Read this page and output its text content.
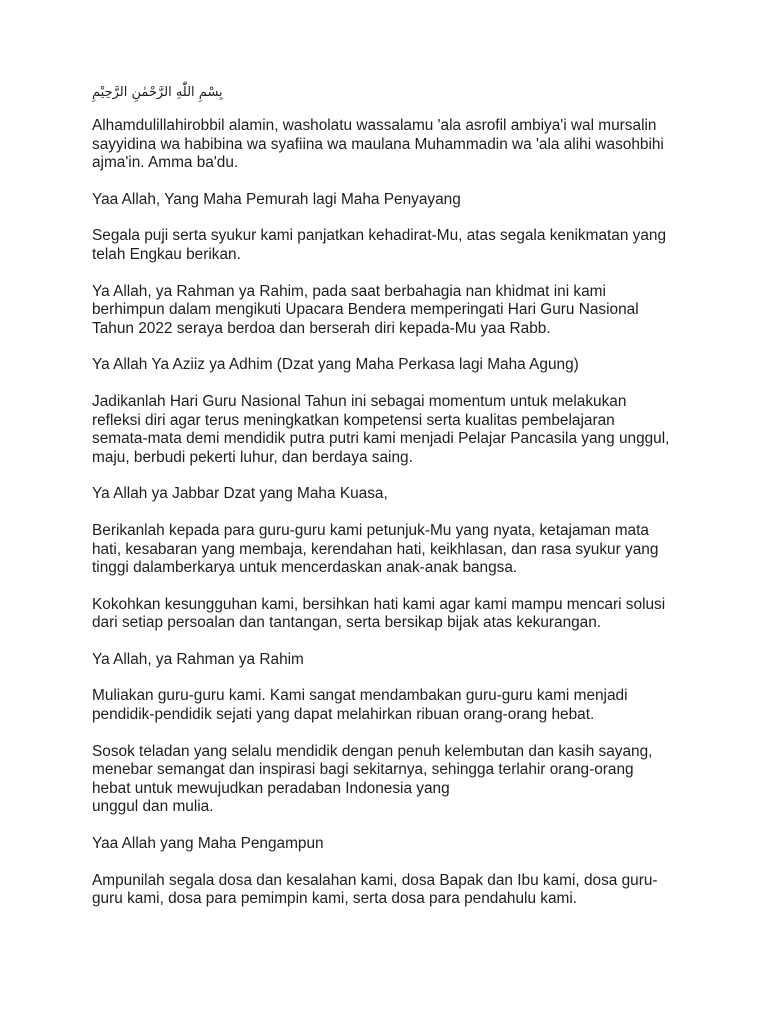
بِسْمِ اللّٰهِ الرَّحْمٰنِ الرَّحِيْمِ
Alhamdulillahirobbil alamin, washolatu wassalamu 'ala asrofil ambiya'i wal mursalin
sayyidina wa habibina wa syafiina wa maulana Muhammadin wa 'ala alihi wasohbihi
ajma'in. Amma ba'du.
Yaa Allah, Yang Maha Pemurah lagi Maha Penyayang
Segala puji serta syukur kami panjatkan kehadirat-Mu, atas segala kenikmatan yang
telah Engkau berikan.
Ya Allah, ya Rahman ya Rahim, pada saat berbahagia nan khidmat ini kami
berhimpun dalam mengikuti Upacara Bendera memperingati Hari Guru Nasional
Tahun 2022 seraya berdoa dan berserah diri kepada-Mu yaa Rabb.
Ya Allah Ya Aziiz ya Adhim (Dzat yang Maha Perkasa lagi Maha Agung)
Jadikanlah Hari Guru Nasional Tahun ini sebagai momentum untuk melakukan
refleksi diri agar terus meningkatkan kompetensi serta kualitas pembelajaran
semata-mata demi mendidik putra putri kami menjadi Pelajar Pancasila yang unggul,
maju, berbudi pekerti luhur, dan berdaya saing.
Ya Allah ya Jabbar Dzat yang Maha Kuasa,
Berikanlah kepada para guru-guru kami petunjuk-Mu yang nyata, ketajaman mata
hati, kesabaran yang membaja, kerendahan hati, keikhlasan, dan rasa syukur yang
tinggi dalamberkarya untuk mencerdaskan anak-anak bangsa.
Kokohkan kesungguhan kami, bersihkan hati kami agar kami mampu mencari solusi
dari setiap persoalan dan tantangan, serta bersikap bijak atas kekurangan.
Ya Allah, ya Rahman ya Rahim
Muliakan guru-guru kami. Kami sangat mendambakan guru-guru kami menjadi
pendidik-pendidik sejati yang dapat melahirkan ribuan orang-orang hebat.
Sosok teladan yang selalu mendidik dengan penuh kelembutan dan kasih sayang,
menebar semangat dan inspirasi bagi sekitarnya, sehingga terlahir orang-orang
hebat untuk mewujudkan peradaban Indonesia yang
unggul dan mulia.
Yaa Allah yang Maha Pengampun
Ampunilah segala dosa dan kesalahan kami, dosa Bapak dan Ibu kami, dosa guru-
guru kami, dosa para pemimpin kami, serta dosa para pendahulu kami.
